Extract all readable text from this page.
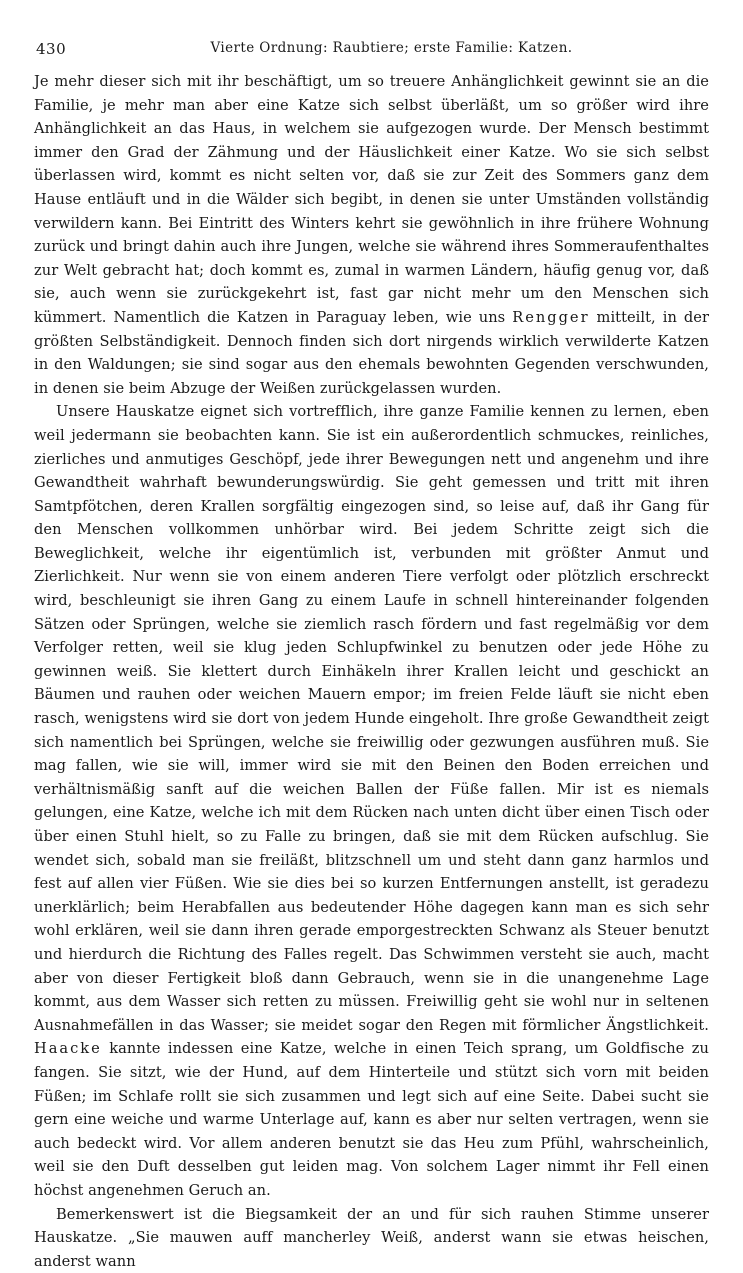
430	Vierte Ordnung: Raubtiere; erste Familie: Katzen.

Je mehr dieser sich mit ihr beschäftigt, um so treuere Anhänglichkeit gewinnt sie an die Familie, je mehr man aber eine Katze sich selbst überläßt, um so größer wird ihre Anhänglichkeit an das Haus, in welchem sie aufgezogen wurde. Der Mensch bestimmt immer den Grad der Zähmung und der Häuslichkeit einer Katze. Wo sie sich selbst überlassen wird, kommt es nicht selten vor, daß sie zur Zeit des Sommers ganz dem Hause entläuft und in die Wälder sich begibt, in denen sie unter Umständen vollständig verwildern kann. Bei Eintritt des Winters kehrt sie gewöhnlich in ihre frühere Wohnung zurück und bringt dahin auch ihre Jungen, welche sie während ihres Sommeraufenthaltes zur Welt gebracht hat; doch kommt es, zumal in warmen Ländern, häufig genug vor, daß sie, auch wenn sie zurückgekehrt ist, fast gar nicht mehr um den Menschen sich kümmert. Namentlich die Katzen in Paraguay leben, wie uns Rengger mitteilt, in der größten Selbständigkeit. Dennoch finden sich dort nirgends wirklich verwilderte Katzen in den Waldungen; sie sind sogar aus den ehemals bewohnten Gegenden verschwunden, in denen sie beim Abzuge der Weißen zurückgelassen wurden.

Unsere Hauskatze eignet sich vortrefflich, ihre ganze Familie kennen zu lernen, eben weil jedermann sie beobachten kann. Sie ist ein außerordentlich schmuckes, reinliches, zierliches und anmutiges Geschöpf, jede ihrer Bewegungen nett und angenehm und ihre Gewandtheit wahrhaft bewunderungswürdig. Sie geht gemessen und tritt mit ihren Samtpfötchen, deren Krallen sorgfältig eingezogen sind, so leise auf, daß ihr Gang für den Menschen vollkommen unhörbar wird. Bei jedem Schritte zeigt sich die Beweglichkeit, welche ihr eigentümlich ist, verbunden mit größter Anmut und Zierlichkeit. Nur wenn sie von einem anderen Tiere verfolgt oder plötzlich erschreckt wird, beschleunigt sie ihren Gang zu einem Laufe in schnell hintereinander folgenden Sätzen oder Sprüngen, welche sie ziemlich rasch fördern und fast regelmäßig vor dem Verfolger retten, weil sie klug jeden Schlupfwinkel zu benutzen oder jede Höhe zu gewinnen weiß. Sie klettert durch Einhäkeln ihrer Krallen leicht und geschickt an Bäumen und rauhen oder weichen Mauern empor; im freien Felde läuft sie nicht eben rasch, wenigstens wird sie dort von jedem Hunde eingeholt. Ihre große Gewandtheit zeigt sich namentlich bei Sprüngen, welche sie freiwillig oder gezwungen ausführen muß. Sie mag fallen, wie sie will, immer wird sie mit den Beinen den Boden erreichen und verhältnismäßig sanft auf die weichen Ballen der Füße fallen. Mir ist es niemals gelungen, eine Katze, welche ich mit dem Rücken nach unten dicht über einen Tisch oder über einen Stuhl hielt, so zu Falle zu bringen, daß sie mit dem Rücken aufschlug. Sie wendet sich, sobald man sie freiläßt, blitzschnell um und steht dann ganz harmlos und fest auf allen vier Füßen. Wie sie dies bei so kurzen Entfernungen anstellt, ist geradezu unerklärlich; beim Herabfallen aus bedeutender Höhe dagegen kann man es sich sehr wohl erklären, weil sie dann ihren gerade emporgestreckten Schwanz als Steuer benutzt und hierdurch die Richtung des Falles regelt. Das Schwimmen versteht sie auch, macht aber von dieser Fertigkeit bloß dann Gebrauch, wenn sie in die unangenehme Lage kommt, aus dem Wasser sich retten zu müssen. Freiwillig geht sie wohl nur in seltenen Ausnahmefällen in das Wasser; sie meidet sogar den Regen mit förmlicher Ängstlichkeit. Haacke kannte indessen eine Katze, welche in einen Teich sprang, um Goldfische zu fangen. Sie sitzt, wie der Hund, auf dem Hinterteile und stützt sich vorn mit beiden Füßen; im Schlafe rollt sie sich zusammen und legt sich auf eine Seite. Dabei sucht sie gern eine weiche und warme Unterlage auf, kann es aber nur selten vertragen, wenn sie auch bedeckt wird. Vor allem anderen benutzt sie das Heu zum Pfühl, wahrscheinlich, weil sie den Duft desselben gut leiden mag. Von solchem Lager nimmt ihr Fell einen höchst angenehmen Geruch an.

Bemerkenswert ist die Biegsamkeit der an und für sich rauhen Stimme unserer Hauskatze. „Sie mauwen auff mancherley Weiß, anderst wann sie etwas heischen, anderst wann
